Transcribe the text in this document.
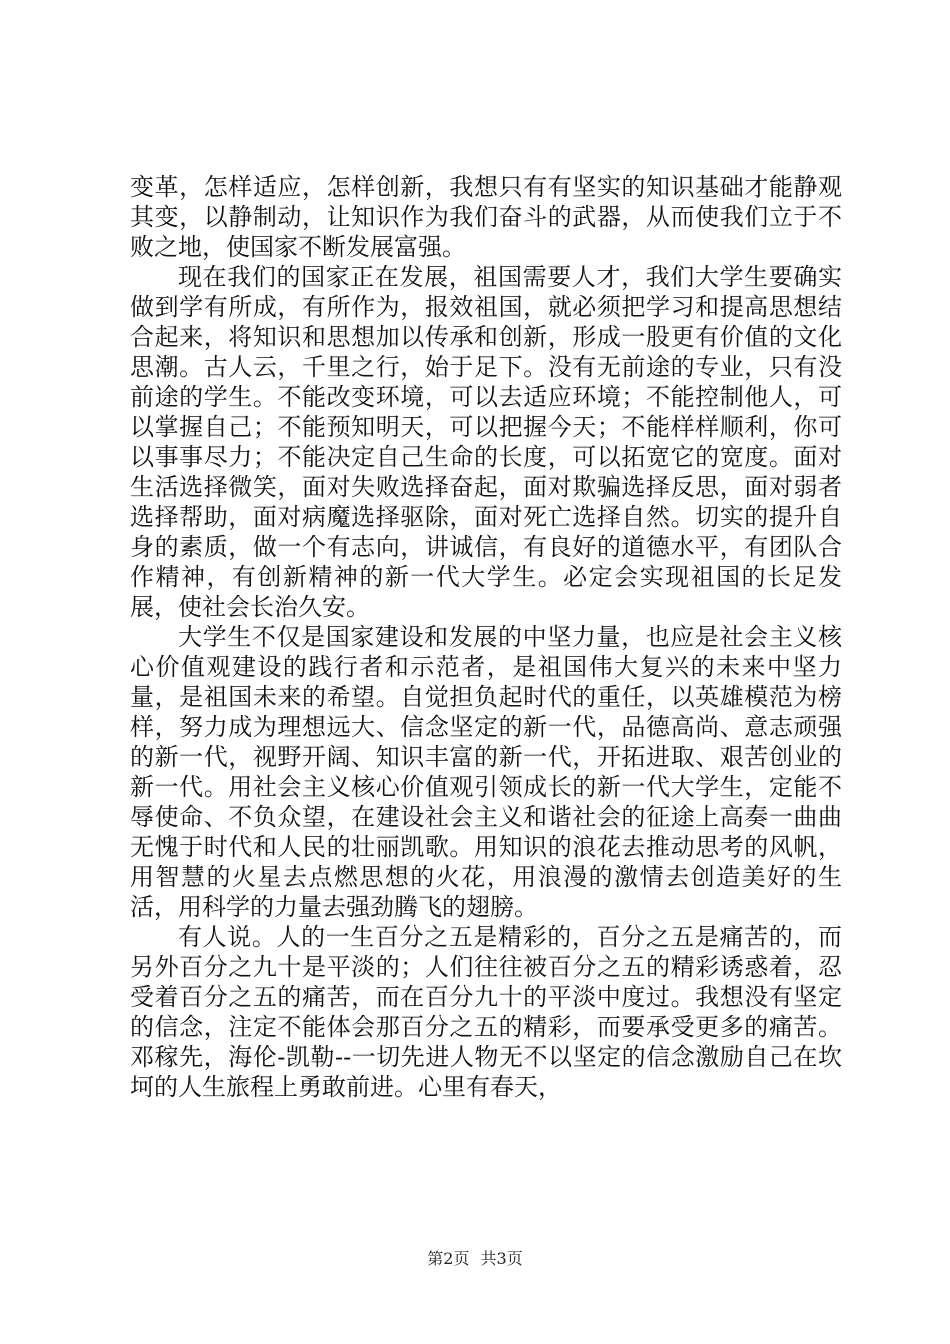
变革，怎样适应，怎样创新，我想只有有坚实的知识基础才能静观其变，以静制动，让知识作为我们奋斗的武器，从而使我们立于不败之地，使国家不断发展富强。

现在我们的国家正在发展，祖国需要人才，我们大学生要确实做到学有所成，有所作为，报效祖国，就必须把学习和提高思想结合起来，将知识和思想加以传承和创新，形成一股更有价值的文化思潮。古人云，千里之行，始于足下。没有无前途的专业，只有没前途的学生。不能改变环境，可以去适应环境；不能控制他人，可以掌握自己；不能预知明天，可以把握今天；不能样样顺利，你可以事事尽力；不能决定自己生命的长度，可以拓宽它的宽度。面对生活选择微笑，面对失败选择奋起，面对欺骗选择反思，面对弱者选择帮助，面对病魔选择驱除，面对死亡选择自然。切实的提升自身的素质，做一个有志向，讲诚信，有良好的道德水平，有团队合作精神，有创新精神的新一代大学生。必定会实现祖国的长足发展，使社会长治久安。

大学生不仅是国家建设和发展的中坚力量，也应是社会主义核心价值观建设的践行者和示范者，是祖国伟大复兴的未来中坚力量，是祖国未来的希望。自觉担负起时代的重任，以英雄模范为榜样，努力成为理想远大、信念坚定的新一代，品德高尚、意志顽强的新一代，视野开阔、知识丰富的新一代，开拓进取、艰苦创业的新一代。用社会主义核心价值观引领成长的新一代大学生，定能不辱使命、不负众望，在建设社会主义和谐社会的征途上高奏一曲曲无愧于时代和人民的壮丽凯歌。用知识的浪花去推动思考的风帆，用智慧的火星去点燃思想的火花，用浪漫的激情去创造美好的生活，用科学的力量去强劲腾飞的翅膀。

有人说。人的一生百分之五是精彩的，百分之五是痛苦的，而另外百分之九十是平淡的；人们往往被百分之五的精彩诱惑着，忍受着百分之五的痛苦，而在百分九十的平淡中度过。我想没有坚定的信念，注定不能体会那百分之五的精彩，而要承受更多的痛苦。邓稼先，海伦-凯勒--一切先进人物无不以坚定的信念激励自己在坎坷的人生旅程上勇敢前进。心里有春天，

第2页 共3页
